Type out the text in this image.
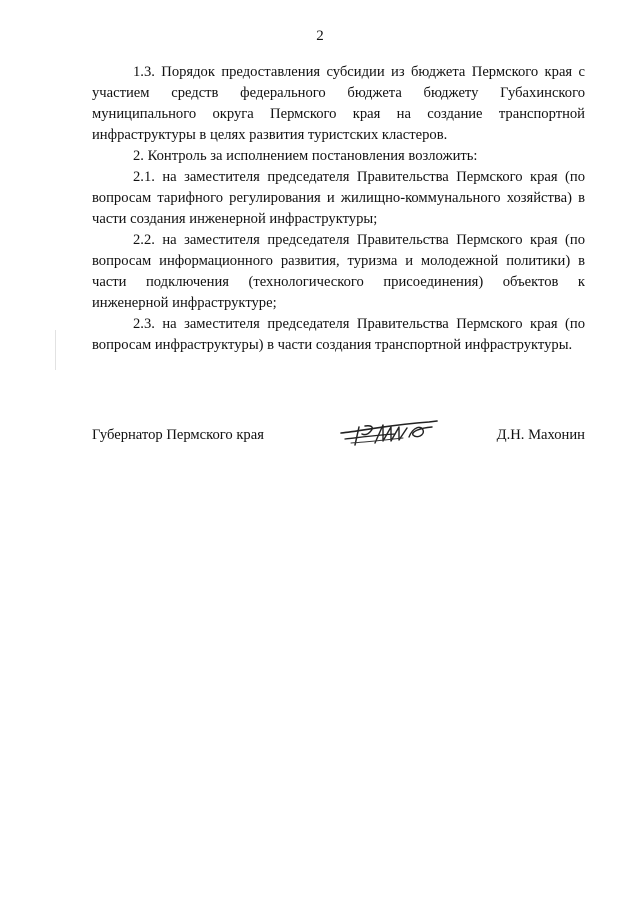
2

1.3. Порядок предоставления субсидии из бюджета Пермского края с участием средств федерального бюджета бюджету Губахинского муниципального округа Пермского края на создание транспортной инфраструктуры в целях развития туристских кластеров.

2. Контроль за исполнением постановления возложить:

2.1. на заместителя председателя Правительства Пермского края (по вопросам тарифного регулирования и жилищно-коммунального хозяйства) в части создания инженерной инфраструктуры;

2.2. на заместителя председателя Правительства Пермского края (по вопросам информационного развития, туризма и молодежной политики) в части подключения (технологического присоединения) объектов к инженерной инфраструктуре;

2.3. на заместителя председателя Правительства Пермского края (по вопросам инфраструктуры) в части создания транспортной инфраструктуры.

Губернатор Пермского края	Д.Н. Махонин
